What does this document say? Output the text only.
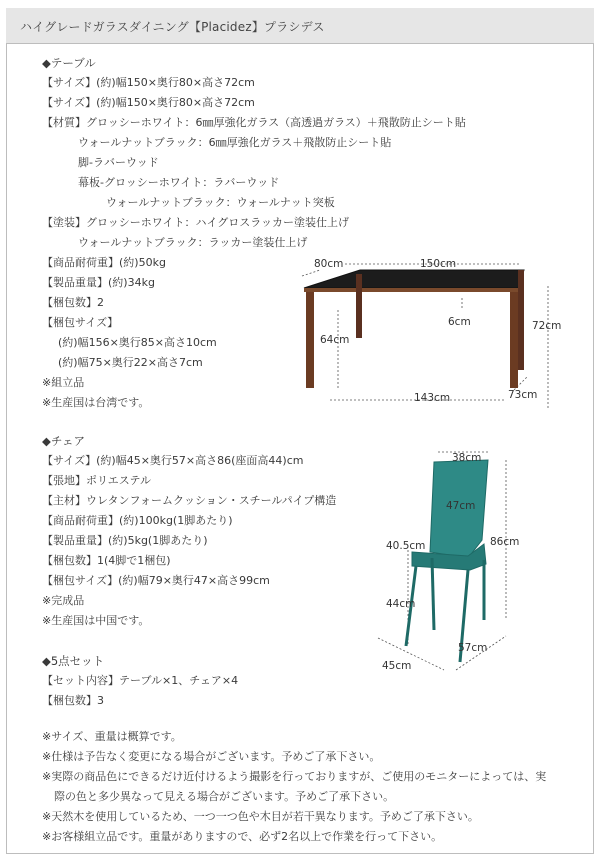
ハイグレードガラスダイニング【Placidez】プラシデス
◆テーブル
【サイズ】(約)幅150×奥行80×高さ72cm
【サイズ】(約)幅150×奥行80×高さ72cm
【材質】グロッシーホワイト：6㎜厚強化ガラス（高透過ガラス）＋飛散防止シート貼
ウォールナットブラック：6㎜厚強化ガラス＋飛散防止シート貼
脚-ラバーウッド
幕板-グロッシーホワイト：ラバーウッド
ウォールナットブラック：ウォールナット突板
【塗装】グロッシーホワイト：ハイグロスラッカー塗装仕上げ
ウォールナットブラック：ラッカー塗装仕上げ
【商品耐荷重】(約)50kg
【製品重量】(約)34kg
【梱包数】2
【梱包サイズ】
(約)幅156×奥行85×高さ10cm
(約)幅75×奥行22×高さ7cm
※組立品
※生産国は台湾です。
80cm	150cm
6cm
64cm
72cm
143cm	73cm
◆チェア
【サイズ】(約)幅45×奥行57×高さ86(座面高44)cm
【張地】ポリエステル
【主材】ウレタンフォームクッション・スチールパイプ構造
【商品耐荷重】(約)100kg(1脚あたり)
【製品重量】(約)5kg(1脚あたり)
【梱包数】1(4脚で1梱包)
【梱包サイズ】(約)幅79×奥行47×高さ99cm
※完成品
※生産国は中国です。
38cm
47cm
86cm
40.5cm
44cm
57cm
45cm
◆5点セット
【セット内容】テーブル×1、チェア×4
【梱包数】3
※サイズ、重量は概算です。
※仕様は予告なく変更になる場合がございます。予めご了承下さい。
※実際の商品色にできるだけ近付けるよう撮影を行っておりますが、ご使用のモニターによっては、実
際の色と多少異なって見える場合がございます。予めご了承下さい。
※天然木を使用しているため、一つ一つ色や木目が若干異なります。予めご了承下さい。
※お客様組立品です。重量がありますので、必ず2名以上で作業を行って下さい。
